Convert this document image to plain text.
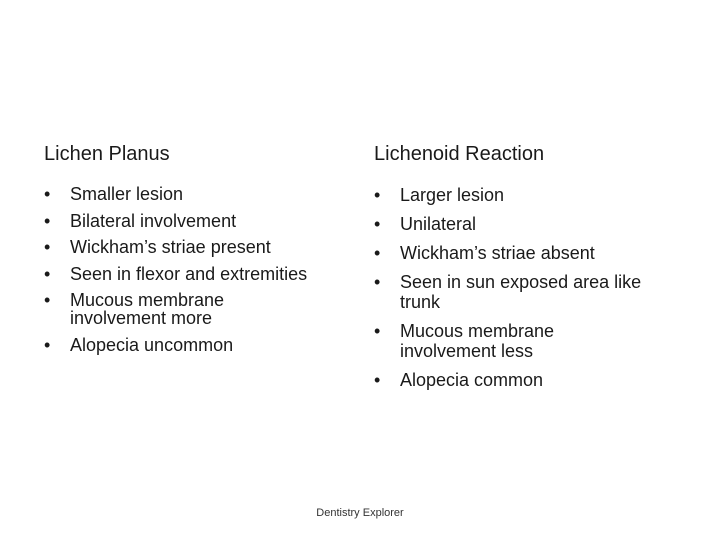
Lichen Planus
• Smaller lesion
• Bilateral involvement
• Wickham’s striae present
• Seen in flexor and extremities
• Mucous membrane
involvement more
• Alopecia uncommon
Lichenoid Reaction
• Larger lesion
• Unilateral
• Wickham’s striae absent
• Seen in sun exposed area like
trunk
• Mucous membrane
involvement less
• Alopecia common
Dentistry Explorer
